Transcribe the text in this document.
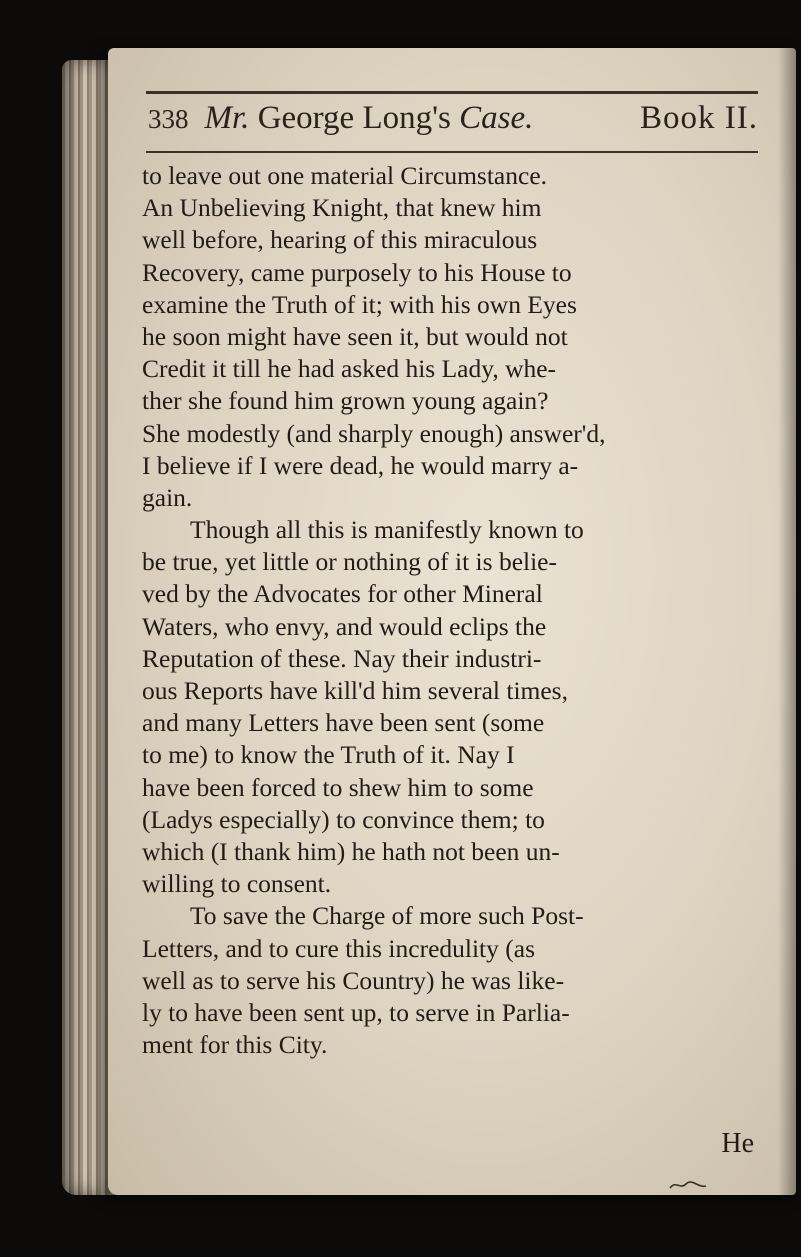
338 Mr. George Long's Case.	Book II.
to leave out one material Circumstance.
An Unbelieving Knight, that knew him
well before, hearing of this miraculous
Recovery, came purposely to his House to
examine the Truth of it; with his own Eyes
he soon might have seen it, but would not
Credit it till he had asked his Lady, whe-
ther she found him grown young again?
She modestly (and sharply enough) answer'd,
I believe if I were dead, he would marry a-
gain.
Though all this is manifestly known to
be true, yet little or nothing of it is belie-
ved by the Advocates for other Mineral
Waters, who envy, and would eclips the
Reputation of these. Nay their industri-
ous Reports have kill'd him several times,
and many Letters have been sent (some
to me) to know the Truth of it. Nay I
have been forced to shew him to some
(Ladys especially) to convince them; to
which (I thank him) he hath not been un-
willing to consent.
To save the Charge of more such Post-
Letters, and to cure this incredulity (as
well as to serve his Country) he was like-
ly to have been sent up, to serve in Parlia-
ment for this City.
He
